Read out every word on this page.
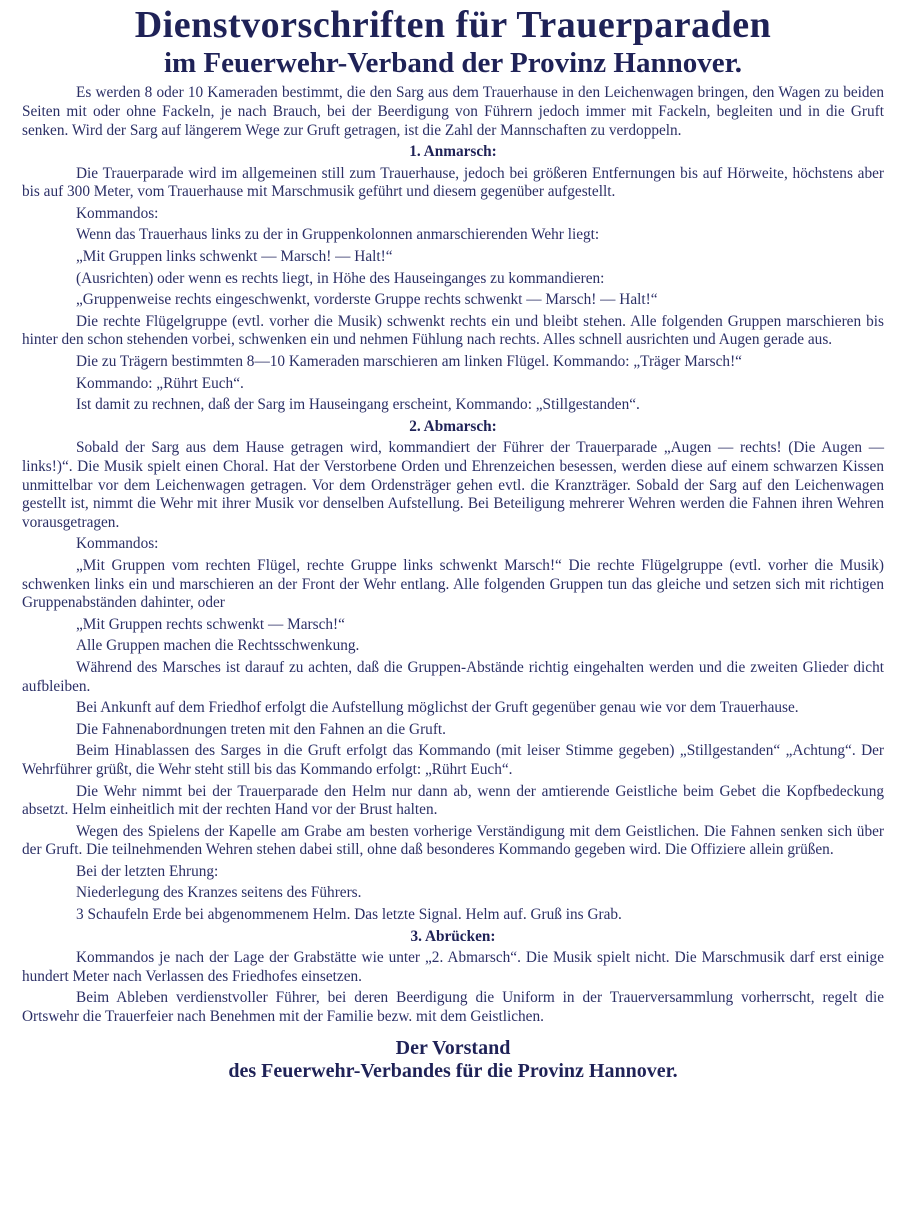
Dienstvorschriften für Trauerparaden
im Feuerwehr-Verband der Provinz Hannover.
Es werden 8 oder 10 Kameraden bestimmt, die den Sarg aus dem Trauerhause in den Leichenwagen bringen, den Wagen zu beiden Seiten mit oder ohne Fackeln, je nach Brauch, bei der Beerdigung von Führern jedoch immer mit Fackeln, begleiten und in die Gruft senken. Wird der Sarg auf längerem Wege zur Gruft getragen, ist die Zahl der Mannschaften zu verdoppeln.
1. Anmarsch:
Die Trauerparade wird im allgemeinen still zum Trauerhause, jedoch bei größeren Entfernungen bis auf Hörweite, höchstens aber bis auf 300 Meter, vom Trauerhause mit Marschmusik geführt und diesem gegenüber aufgestellt.
Kommandos:
Wenn das Trauerhaus links zu der in Gruppenkolonnen anmarschierenden Wehr liegt:
„Mit Gruppen links schwenkt — Marsch! — Halt!“
(Ausrichten) oder wenn es rechts liegt, in Höhe des Hauseinganges zu kommandieren:
„Gruppenweise rechts eingeschwenkt, vorderste Gruppe rechts schwenkt — Marsch! — Halt!“
Die rechte Flügelgruppe (evtl. vorher die Musik) schwenkt rechts ein und bleibt stehen. Alle folgenden Gruppen marschieren bis hinter den schon stehenden vorbei, schwenken ein und nehmen Fühlung nach rechts. Alles schnell ausrichten und Augen gerade aus.
Die zu Trägern bestimmten 8—10 Kameraden marschieren am linken Flügel. Kommando: „Träger Marsch!“
Kommando: „Rührt Euch“.
Ist damit zu rechnen, daß der Sarg im Hauseingang erscheint, Kommando: „Stillgestanden“.
2. Abmarsch:
Sobald der Sarg aus dem Hause getragen wird, kommandiert der Führer der Trauerparade „Augen — rechts! (Die Augen — links!)“. Die Musik spielt einen Choral. Hat der Verstorbene Orden und Ehrenzeichen besessen, werden diese auf einem schwarzen Kissen unmittelbar vor dem Leichenwagen getragen. Vor dem Ordensträger gehen evtl. die Kranzträger. Sobald der Sarg auf den Leichenwagen gestellt ist, nimmt die Wehr mit ihrer Musik vor denselben Aufstellung. Bei Beteiligung mehrerer Wehren werden die Fahnen ihren Wehren vorausgetragen.
Kommandos:
„Mit Gruppen vom rechten Flügel, rechte Gruppe links schwenkt Marsch!“ Die rechte Flügelgruppe (evtl. vorher die Musik) schwenken links ein und marschieren an der Front der Wehr entlang. Alle folgenden Gruppen tun das gleiche und setzen sich mit richtigen Gruppenabständen dahinter, oder
„Mit Gruppen rechts schwenkt — Marsch!“
Alle Gruppen machen die Rechtsschwenkung.
Während des Marsches ist darauf zu achten, daß die Gruppen-Abstände richtig eingehalten werden und die zweiten Glieder dicht aufbleiben.
Bei Ankunft auf dem Friedhof erfolgt die Aufstellung möglichst der Gruft gegenüber genau wie vor dem Trauerhause.
Die Fahnenabordnungen treten mit den Fahnen an die Gruft.
Beim Hinablassen des Sarges in die Gruft erfolgt das Kommando (mit leiser Stimme gegeben) „Stillgestanden“ „Achtung“. Der Wehrführer grüßt, die Wehr steht still bis das Kommando erfolgt: „Rührt Euch“.
Die Wehr nimmt bei der Trauerparade den Helm nur dann ab, wenn der amtierende Geistliche beim Gebet die Kopfbedeckung absetzt. Helm einheitlich mit der rechten Hand vor der Brust halten.
Wegen des Spielens der Kapelle am Grabe am besten vorherige Verständigung mit dem Geistlichen. Die Fahnen senken sich über der Gruft. Die teilnehmenden Wehren stehen dabei still, ohne daß besonderes Kommando gegeben wird. Die Offiziere allein grüßen.
Bei der letzten Ehrung:
Niederlegung des Kranzes seitens des Führers.
3 Schaufeln Erde bei abgenommenem Helm. Das letzte Signal. Helm auf. Gruß ins Grab.
3. Abrücken:
Kommandos je nach der Lage der Grabstätte wie unter „2. Abmarsch“. Die Musik spielt nicht. Die Marschmusik darf erst einige hundert Meter nach Verlassen des Friedhofes einsetzen.
Beim Ableben verdienstvoller Führer, bei deren Beerdigung die Uniform in der Trauerversammlung vorherrscht, regelt die Ortswehr die Trauerfeier nach Benehmen mit der Familie bezw. mit dem Geistlichen.
Der Vorstand
des Feuerwehr-Verbandes für die Provinz Hannover.
